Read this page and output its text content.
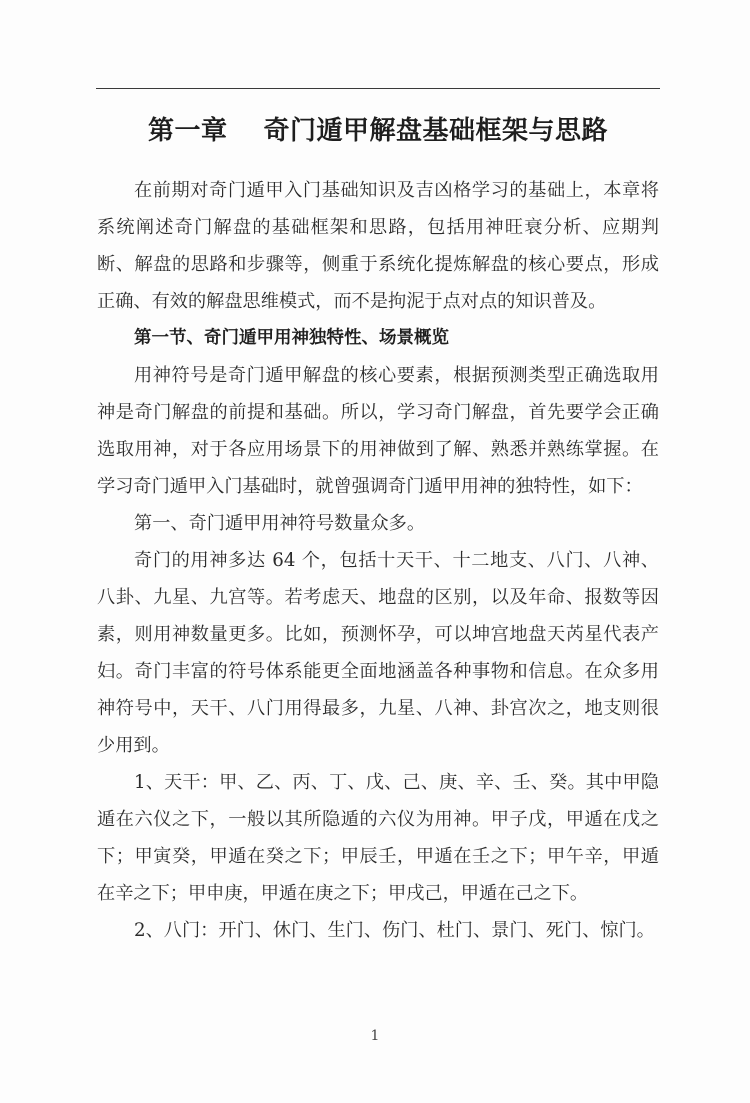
第一章　 奇门遁甲解盘基础框架与思路

在前期对奇门遁甲入门基础知识及吉凶格学习的基础上，本章将系统阐述奇门解盘的基础框架和思路，包括用神旺衰分析、应期判断、解盘的思路和步骤等，侧重于系统化提炼解盘的核心要点，形成正确、有效的解盘思维模式，而不是拘泥于点对点的知识普及。

第一节、奇门遁甲用神独特性、场景概览

用神符号是奇门遁甲解盘的核心要素，根据预测类型正确选取用神是奇门解盘的前提和基础。所以，学习奇门解盘，首先要学会正确选取用神，对于各应用场景下的用神做到了解、熟悉并熟练掌握。在学习奇门遁甲入门基础时，就曾强调奇门遁甲用神的独特性，如下：

第一、奇门遁甲用神符号数量众多。

奇门的用神多达 64 个，包括十天干、十二地支、八门、八神、八卦、九星、九宫等。若考虑天、地盘的区别，以及年命、报数等因素，则用神数量更多。比如，预测怀孕，可以坤宫地盘天芮星代表产妇。奇门丰富的符号体系能更全面地涵盖各种事物和信息。在众多用神符号中，天干、八门用得最多，九星、八神、卦宫次之，地支则很少用到。

1、天干：甲、乙、丙、丁、戊、己、庚、辛、壬、癸。其中甲隐遁在六仪之下，一般以其所隐遁的六仪为用神。甲子戊，甲遁在戊之下；甲寅癸，甲遁在癸之下；甲辰壬，甲遁在壬之下；甲午辛，甲遁在辛之下；甲申庚，甲遁在庚之下；甲戌己，甲遁在己之下。

2、八门：开门、休门、生门、伤门、杜门、景门、死门、惊门。

1
